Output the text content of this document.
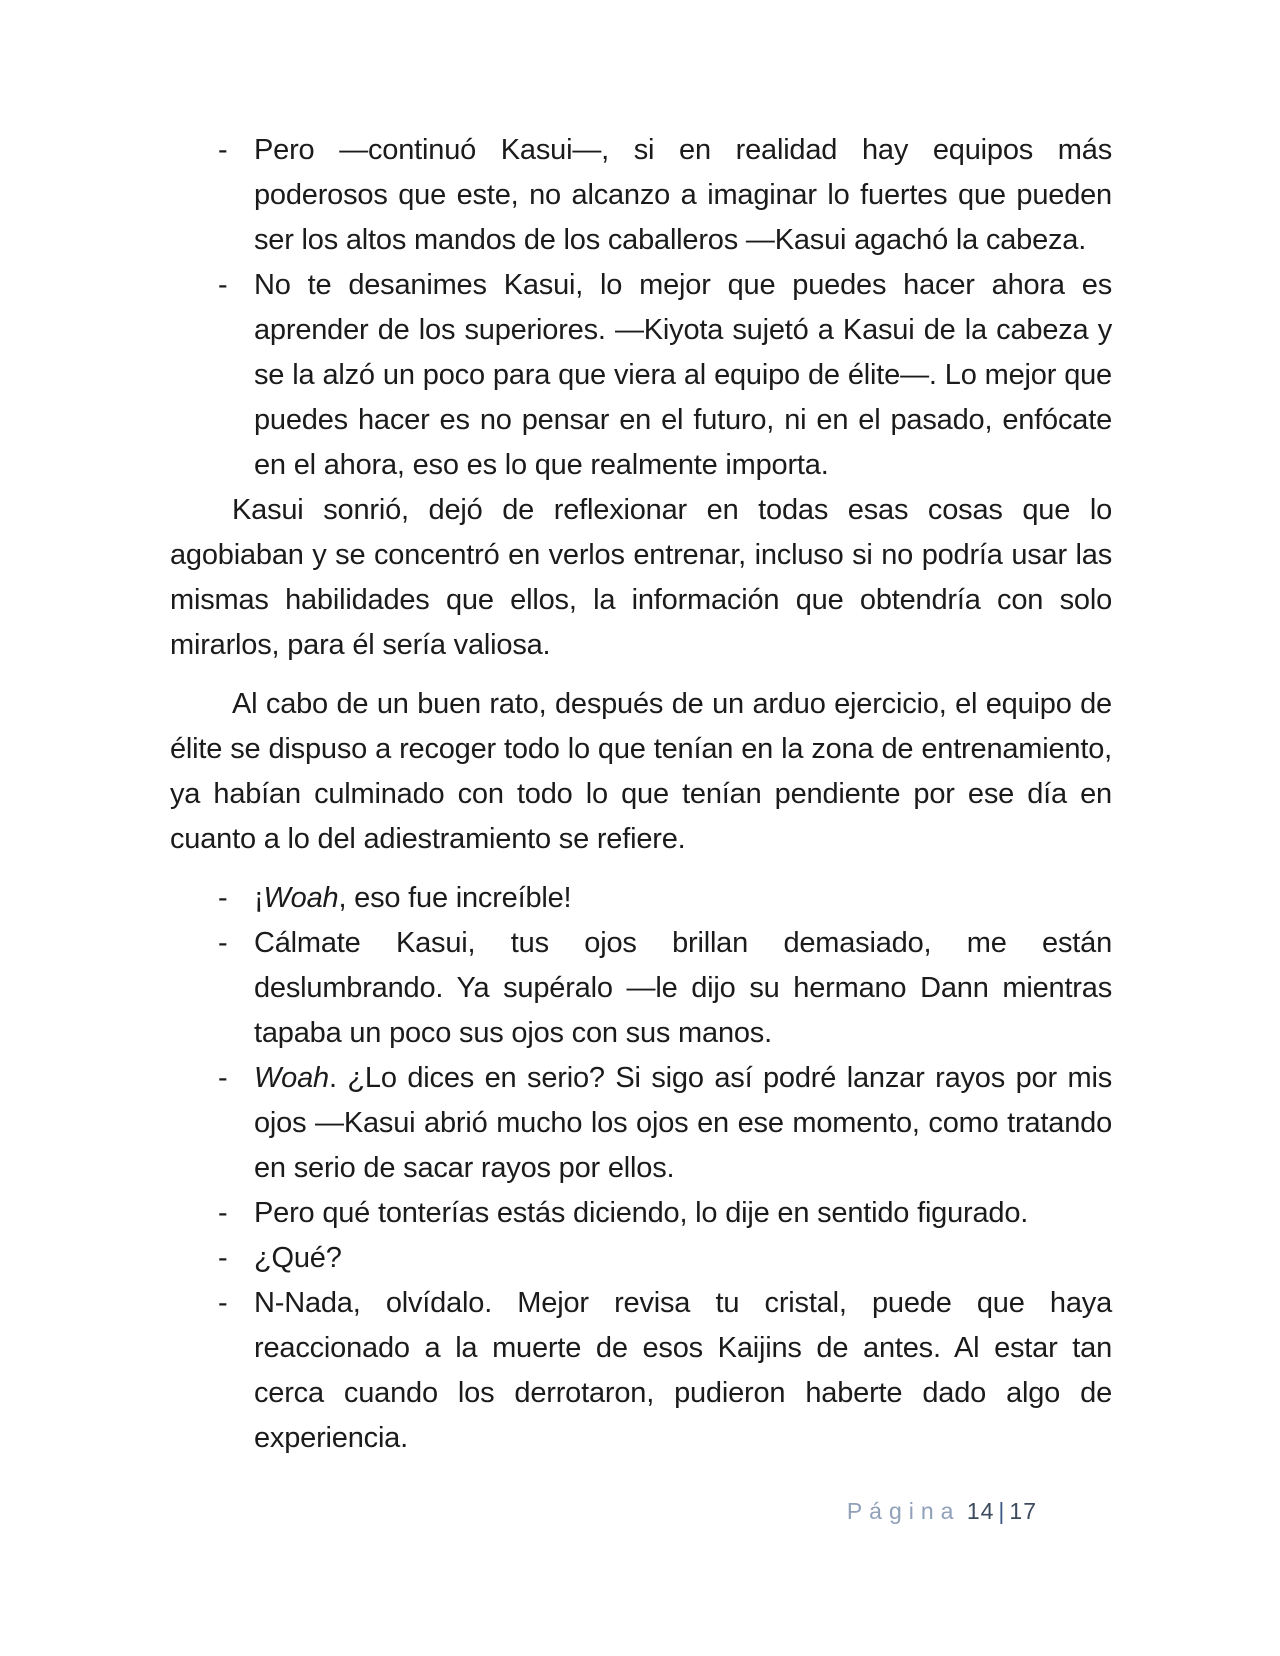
- Pero —continuó Kasui—, si en realidad hay equipos más poderosos que este, no alcanzo a imaginar lo fuertes que pueden ser los altos mandos de los caballeros —Kasui agachó la cabeza.
- No te desanimes Kasui, lo mejor que puedes hacer ahora es aprender de los superiores. —Kiyota sujetó a Kasui de la cabeza y se la alzó un poco para que viera al equipo de élite—. Lo mejor que puedes hacer es no pensar en el futuro, ni en el pasado, enfócate en el ahora, eso es lo que realmente importa.
Kasui sonrió, dejó de reflexionar en todas esas cosas que lo agobiaban y se concentró en verlos entrenar, incluso si no podría usar las mismas habilidades que ellos, la información que obtendría con solo mirarlos, para él sería valiosa.
Al cabo de un buen rato, después de un arduo ejercicio, el equipo de élite se dispuso a recoger todo lo que tenían en la zona de entrenamiento, ya habían culminado con todo lo que tenían pendiente por ese día en cuanto a lo del adiestramiento se refiere.
- ¡Woah, eso fue increíble!
- Cálmate Kasui, tus ojos brillan demasiado, me están deslumbrando. Ya supéralo —le dijo su hermano Dann mientras tapaba un poco sus ojos con sus manos.
- Woah. ¿Lo dices en serio? Si sigo así podré lanzar rayos por mis ojos —Kasui abrió mucho los ojos en ese momento, como tratando en serio de sacar rayos por ellos.
- Pero qué tonterías estás diciendo, lo dije en sentido figurado.
- ¿Qué?
- N-Nada, olvídalo. Mejor revisa tu cristal, puede que haya reaccionado a la muerte de esos Kaijins de antes. Al estar tan cerca cuando los derrotaron, pudieron haberte dado algo de experiencia.
Página 14 | 17
